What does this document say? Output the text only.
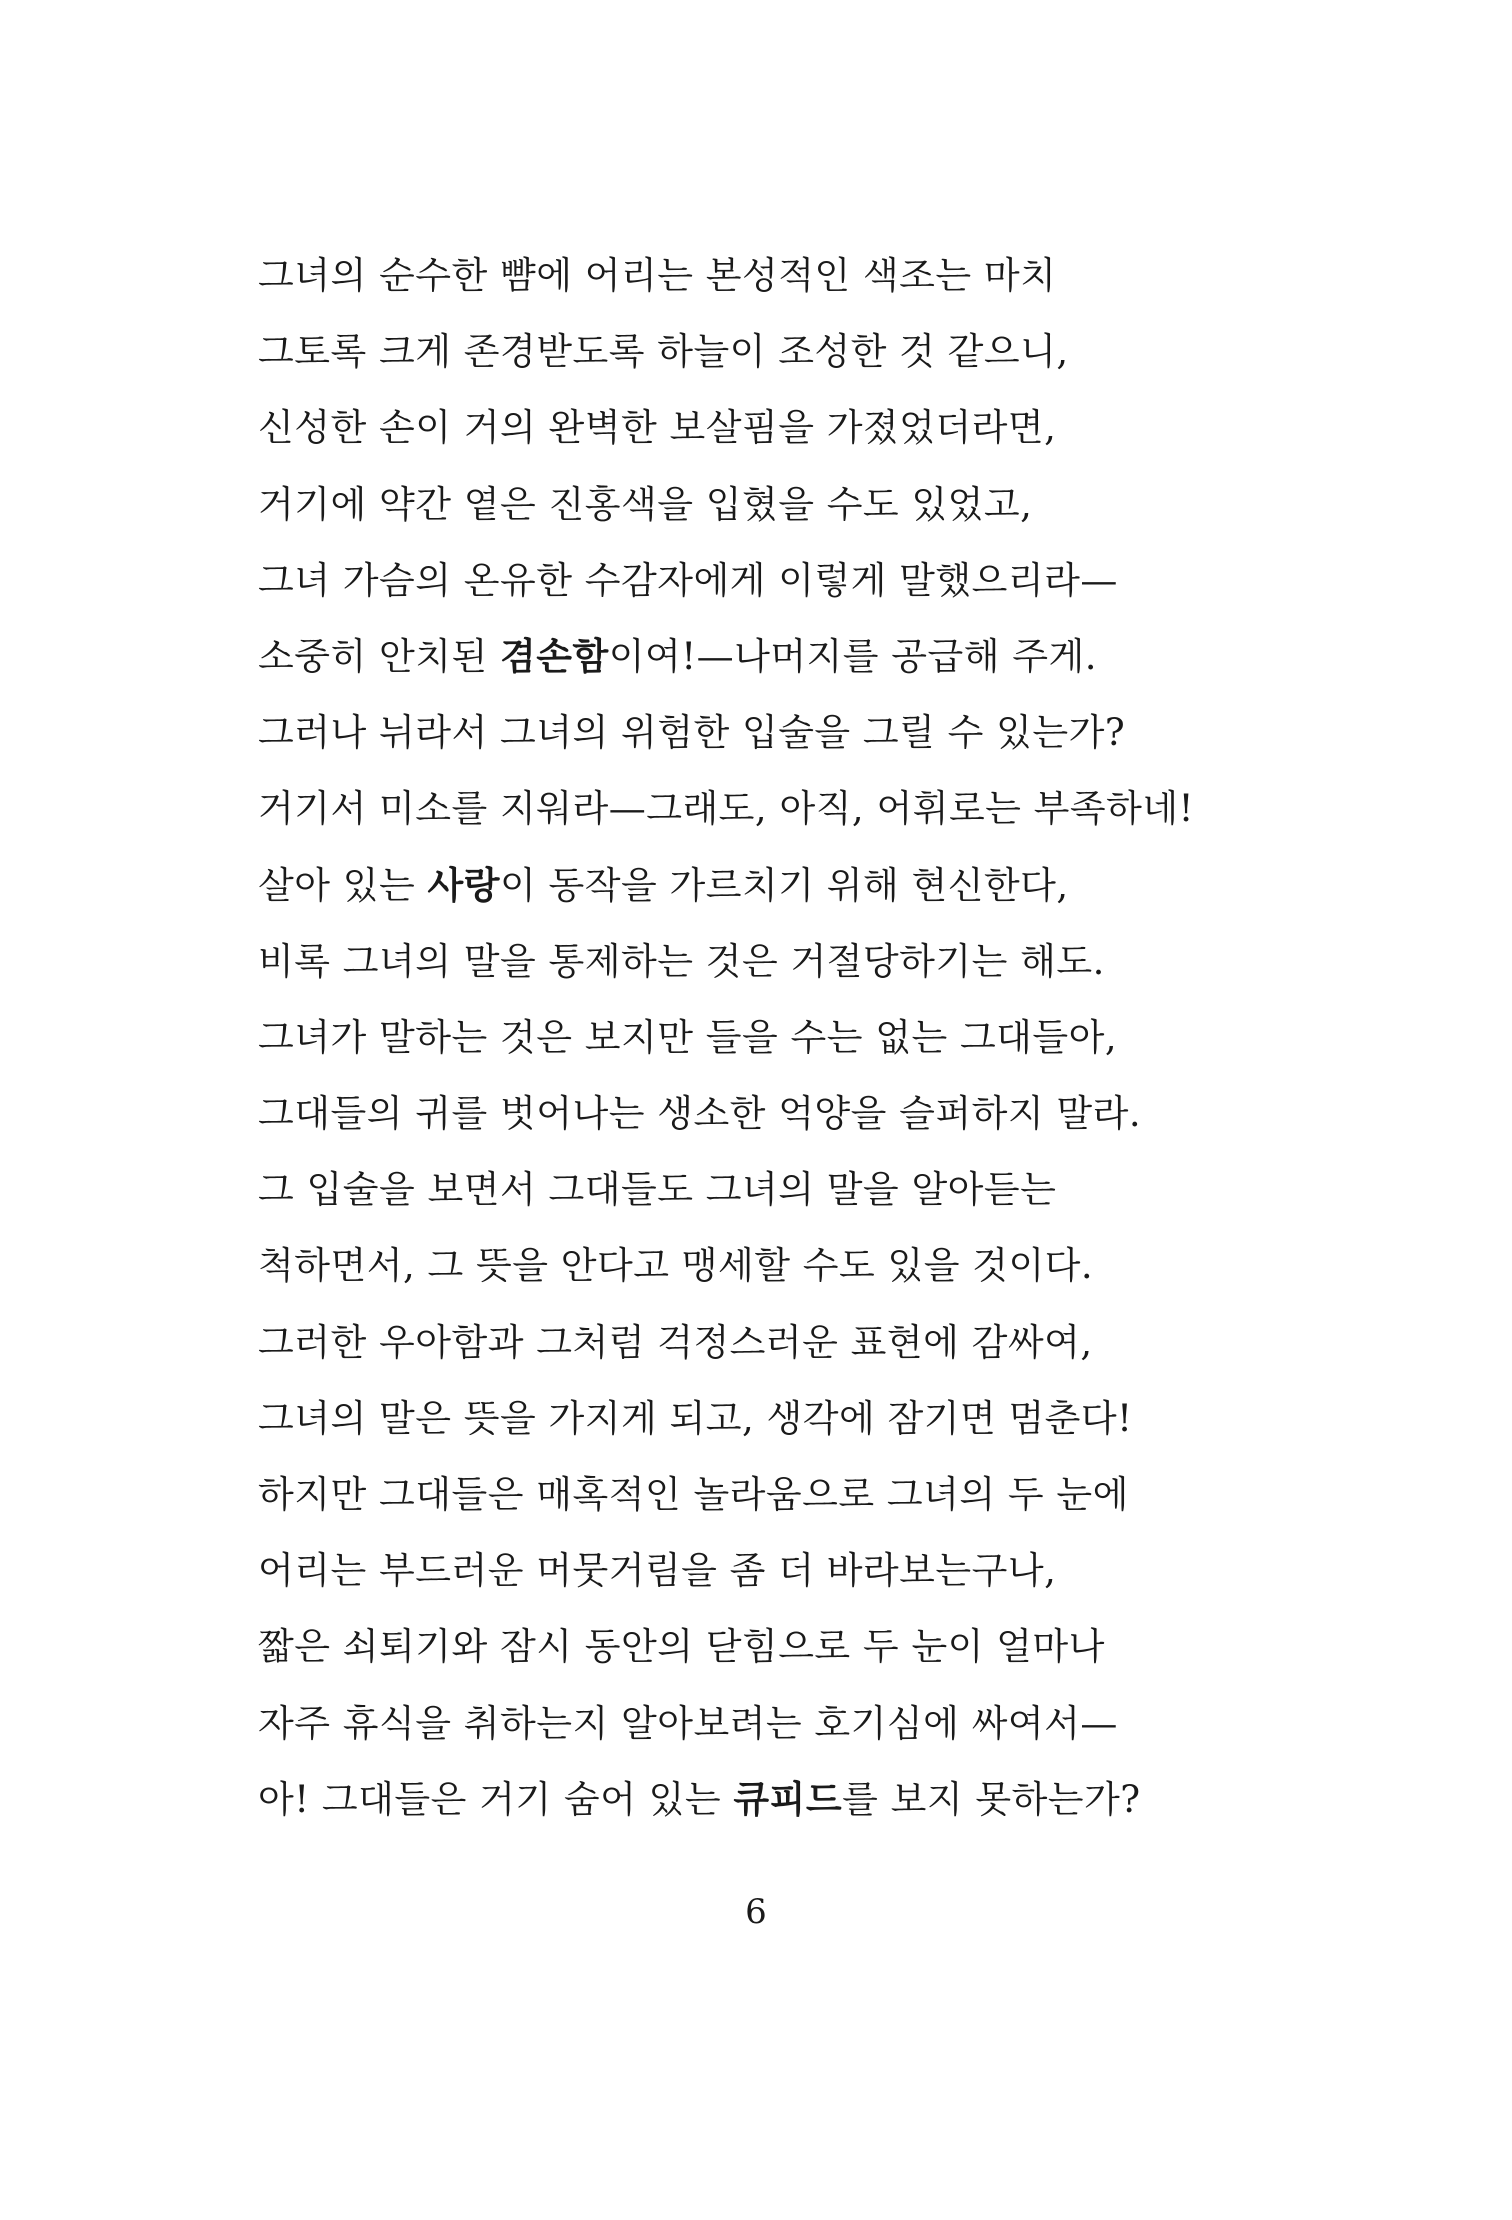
그녀의 순수한 뺨에 어리는 본성적인 색조는 마치
그토록 크게 존경받도록 하늘이 조성한 것 같으니,
신성한 손이 거의 완벽한 보살핌을 가졌었더라면,
거기에 약간 옅은 진홍색을 입혔을 수도 있었고,
그녀 가슴의 온유한 수감자에게 이렇게 말했으리라—
소중히 안치된 겸손함이여!—나머지를 공급해 주게.
그러나 뉘라서 그녀의 위험한 입술을 그릴 수 있는가?
거기서 미소를 지워라—그래도, 아직, 어휘로는 부족하네!
살아 있는 사랑이 동작을 가르치기 위해 현신한다,
비록 그녀의 말을 통제하는 것은 거절당하기는 해도.
그녀가 말하는 것은 보지만 들을 수는 없는 그대들아,
그대들의 귀를 벗어나는 생소한 억양을 슬퍼하지 말라.
그 입술을 보면서 그대들도 그녀의 말을 알아듣는
척하면서, 그 뜻을 안다고 맹세할 수도 있을 것이다.
그러한 우아함과 그처럼 걱정스러운 표현에 감싸여,
그녀의 말은 뜻을 가지게 되고, 생각에 잠기면 멈춘다!
하지만 그대들은 매혹적인 놀라움으로 그녀의 두 눈에
어리는 부드러운 머뭇거림을 좀 더 바라보는구나,
짧은 쇠퇴기와 잠시 동안의 닫힘으로 두 눈이 얼마나
자주 휴식을 취하는지 알아보려는 호기심에 싸여서—
아! 그대들은 거기 숨어 있는 큐피드를 보지 못하는가?
6
